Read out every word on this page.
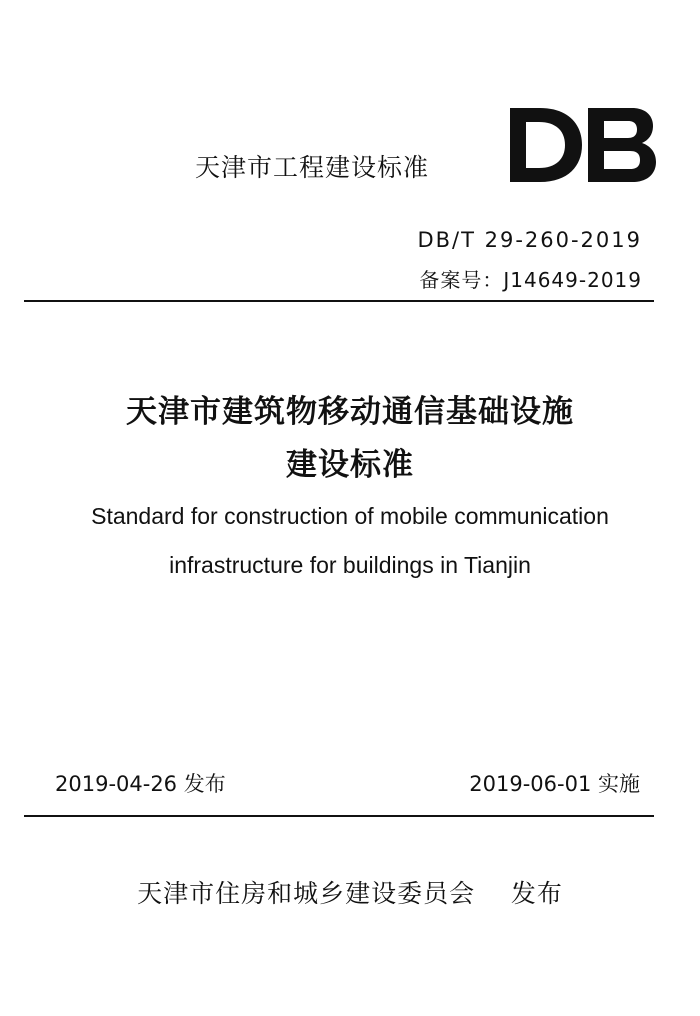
天津市工程建设标准
DB/T 29-260-2019
备案号：J14649-2019
天津市建筑物移动通信基础设施
建设标准
Standard for construction of mobile communication
infrastructure for buildings in Tianjin
2019-04-26 发布	2019-06-01 实施
天津市住房和城乡建设委员会    发布
